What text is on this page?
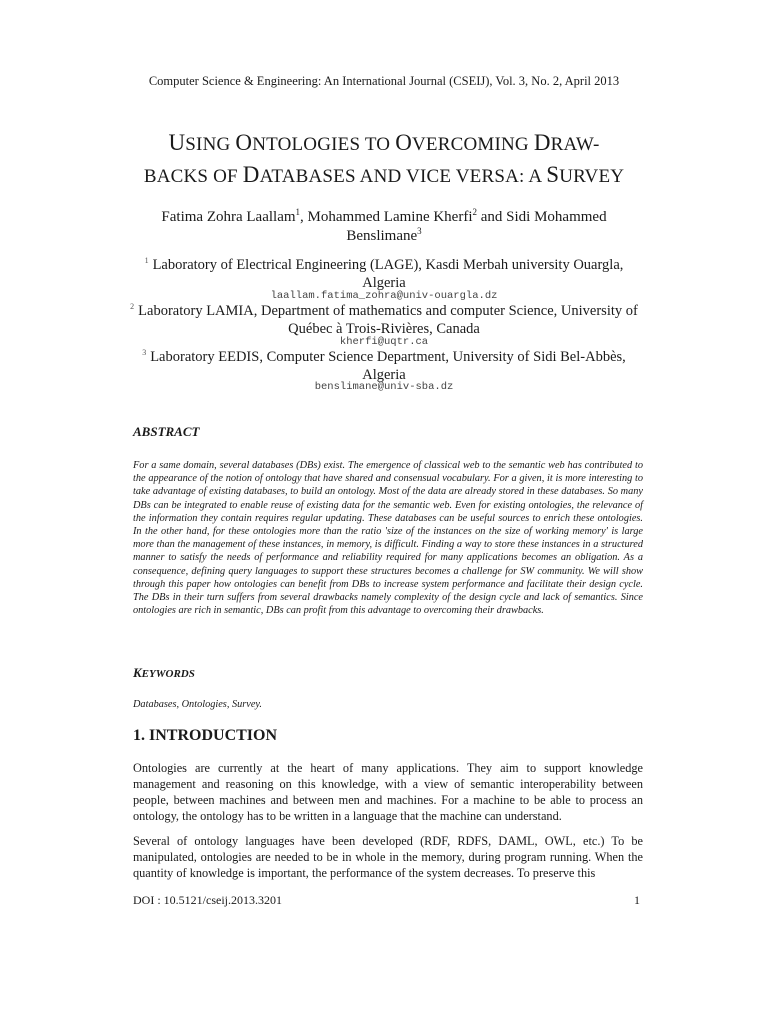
Computer Science & Engineering: An International Journal (CSEIJ), Vol. 3, No. 2, April 2013
USING ONTOLOGIES TO OVERCOMING DRAW-
BACKS OF DATABASES AND VICE VERSA: A SURVEY
Fatima Zohra Laallam$^1$, Mohammed Lamine Kherfi$^2$ and Sidi Mohammed
Benslimane$^3$
$^1$ Laboratory of Electrical Engineering (LAGE), Kasdi Merbah university Ouargla,
Algeria
laallam.fatima_zohra@univ-ouargla.dz
$^2$ Laboratory LAMIA, Department of mathematics and computer Science, University of
Québec à Trois-Rivières, Canada
kherfi@uqtr.ca
$^3$ Laboratory EEDIS, Computer Science Department, University of Sidi Bel-Abbès,
Algeria
benslimane@univ-sba.dz
ABSTRACT
For a same domain, several databases (DBs) exist. The emergence of classical web to the semantic web has contributed to the appearance of the notion of ontology that have shared and consensual vocabulary. For a given, it is more interesting to take advantage of existing databases, to build an ontology. Most of the data are already stored in these databases. So many DBs can be integrated to enable reuse of existing data for the semantic web. Even for existing ontologies, the relevance of the information they contain requires regular updating. These databases can be useful sources to enrich these ontologies. In the other hand, for these ontologies more than the ratio 'size of the instances on the size of working memory' is large more than the management of these instances, in memory, is difficult. Finding a way to store these instances in a structured manner to satisfy the needs of performance and reliability required for many applications becomes an obligation. As a consequence, defining query languages to support these structures becomes a challenge for SW community. We will show through this paper how ontologies can benefit from DBs to increase system performance and facilitate their design cycle. The DBs in their turn suffers from several drawbacks namely complexity of the design cycle and lack of semantics. Since ontologies are rich in semantic, DBs can profit from this advantage to overcoming their drawbacks.
KEYWORDS
Databases, Ontologies, Survey.
1. INTRODUCTION
Ontologies are currently at the heart of many applications. They aim to support knowledge management and reasoning on this knowledge, with a view of semantic interoperability between people, between machines and between men and machines. For a machine to be able to process an ontology, the ontology has to be written in a language that the machine can understand.
Several of ontology languages have been developed (RDF, RDFS, DAML, OWL, etc.) To be manipulated, ontologies are needed to be in whole in the memory, during program running. When the quantity of knowledge is important, the performance of the system decreases. To preserve this
DOI : 10.5121/cseij.2013.3201	1
